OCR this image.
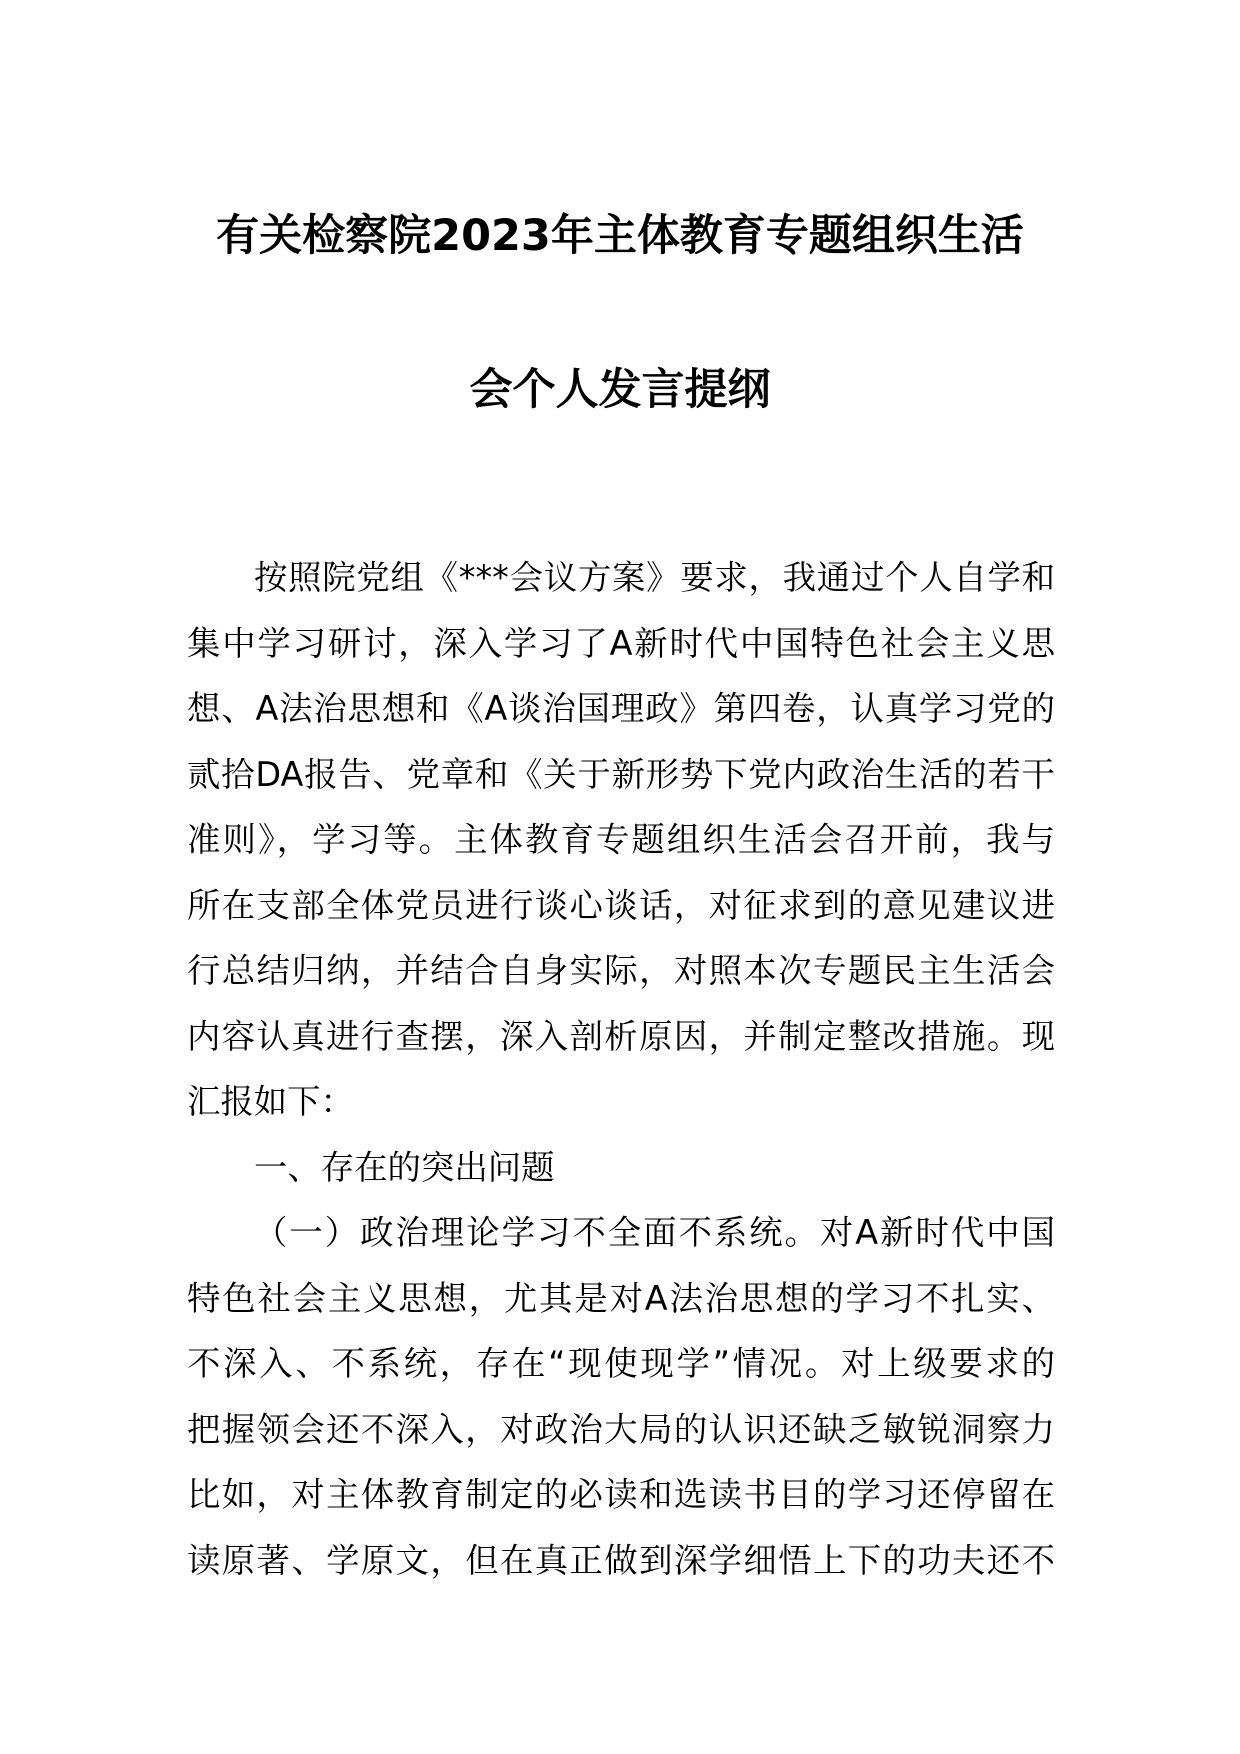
有关检察院2023年主体教育专题组织生活
会个人发言提纲
按照院党组《***会议方案》要求，我通过个人自学和
集中学习研讨，深入学习了A新时代中国特色社会主义思
想、A法治思想和《A谈治国理政》第四卷，认真学习党的
贰拾DA报告、党章和《关于新形势下党内政治生活的若干
准则》，学习等。主体教育专题组织生活会召开前，我与
所在支部全体党员进行谈心谈话，对征求到的意见建议进
行总结归纳，并结合自身实际，对照本次专题民主生活会
内容认真进行查摆，深入剖析原因，并制定整改措施。现
汇报如下：
一、存在的突出问题
（一）政治理论学习不全面不系统。对A新时代中国
特色社会主义思想，尤其是对A法治思想的学习不扎实、
不深入、不系统，存在“现使现学”情况。对上级要求的
把握领会还不深入，对政治大局的认识还缺乏敏锐洞察力
比如，对主体教育制定的必读和选读书目的学习还停留在
读原著、学原文，但在真正做到深学细悟上下的功夫还不
